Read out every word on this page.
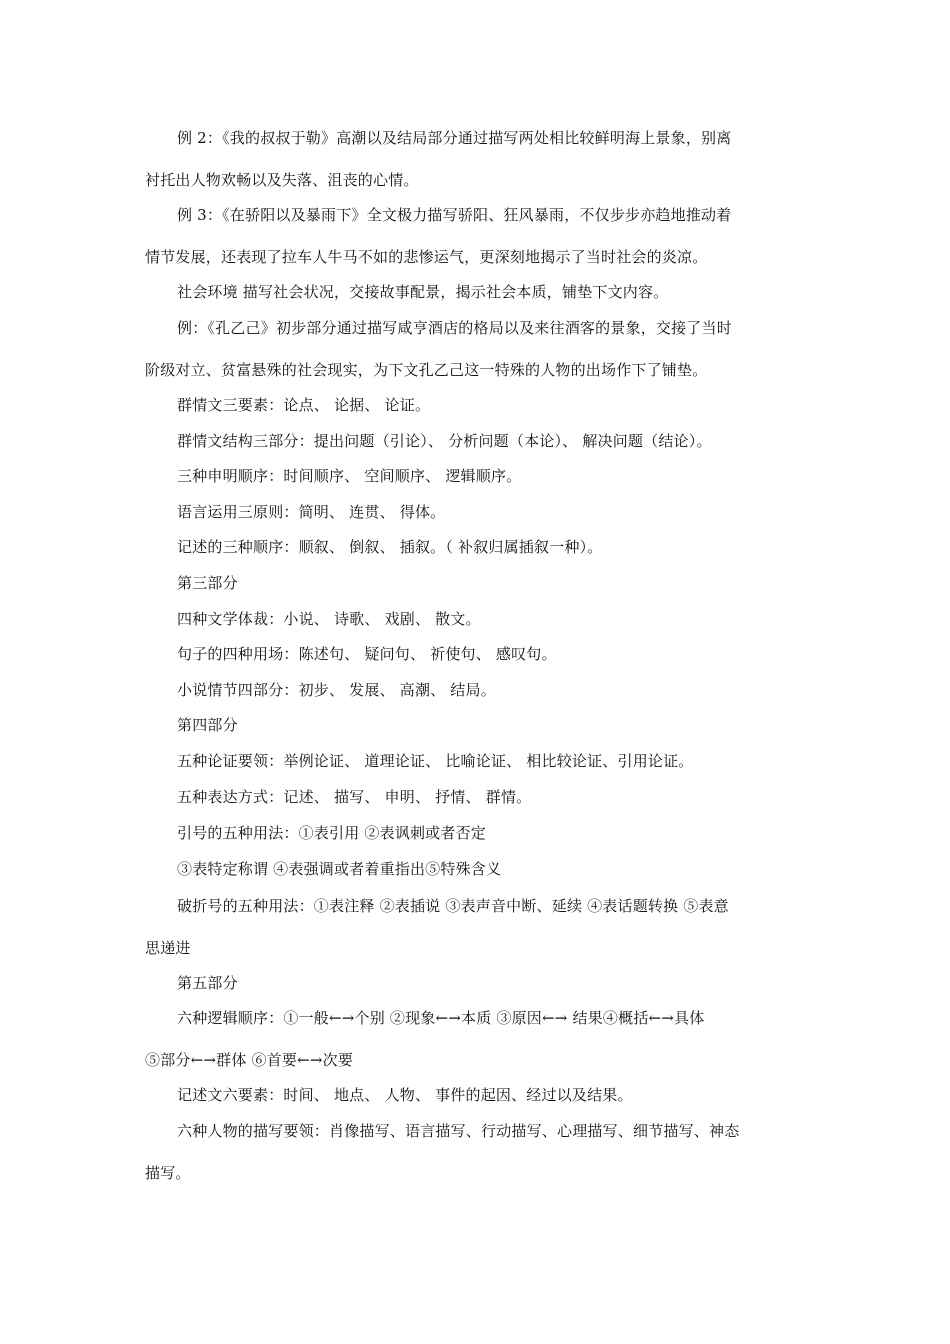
例 2：《我的叔叔于勒》高潮以及结局部分通过描写两处相比较鲜明海上景象，别离
衬托出人物欢畅以及失落、沮丧的心情。
例 3：《在骄阳以及暴雨下》全文极力描写骄阳、狂风暴雨，不仅步步亦趋地推动着
情节发展，还表现了拉车人牛马不如的悲惨运气，更深刻地揭示了当时社会的炎凉。
社会环境 描写社会状况，交接故事配景，揭示社会本质，铺垫下文内容。
例：《孔乙己》初步部分通过描写咸亨酒店的格局以及来往酒客的景象，交接了当时
阶级对立、贫富悬殊的社会现实，为下文孔乙己这一特殊的人物的出场作下了铺垫。
群情文三要素：论点、 论据、 论证。
群情文结构三部分：提出问题（引论）、 分析问题（本论）、 解决问题（结论）。
三种申明顺序：时间顺序、 空间顺序、 逻辑顺序。
语言运用三原则：简明、 连贯、 得体。
记述的三种顺序：顺叙、 倒叙、 插叙。（ 补叙归属插叙一种）。
第三部分
四种文学体裁：小说、 诗歌、 戏剧、 散文。
句子的四种用场：陈述句、 疑问句、 祈使句、 感叹句。
小说情节四部分：初步、 发展、 高潮、 结局。
第四部分
五种论证要领：举例论证、 道理论证、 比喻论证、 相比较论证、引用论证。
五种表达方式：记述、 描写、 申明、 抒情、 群情。
引号的五种用法：①表引用 ②表讽刺或者否定
③表特定称谓 ④表强调或者着重指出⑤特殊含义
破折号的五种用法：①表注释 ②表插说 ③表声音中断、延续 ④表话题转换 ⑤表意
思递进
第五部分
六种逻辑顺序：①一般←→个别 ②现象←→本质 ③原因←→ 结果④概括←→具体
⑤部分←→群体 ⑥首要←→次要
记述文六要素：时间、 地点、 人物、 事件的起因、经过以及结果。
六种人物的描写要领：肖像描写、语言描写、行动描写、心理描写、细节描写、神态
描写。
